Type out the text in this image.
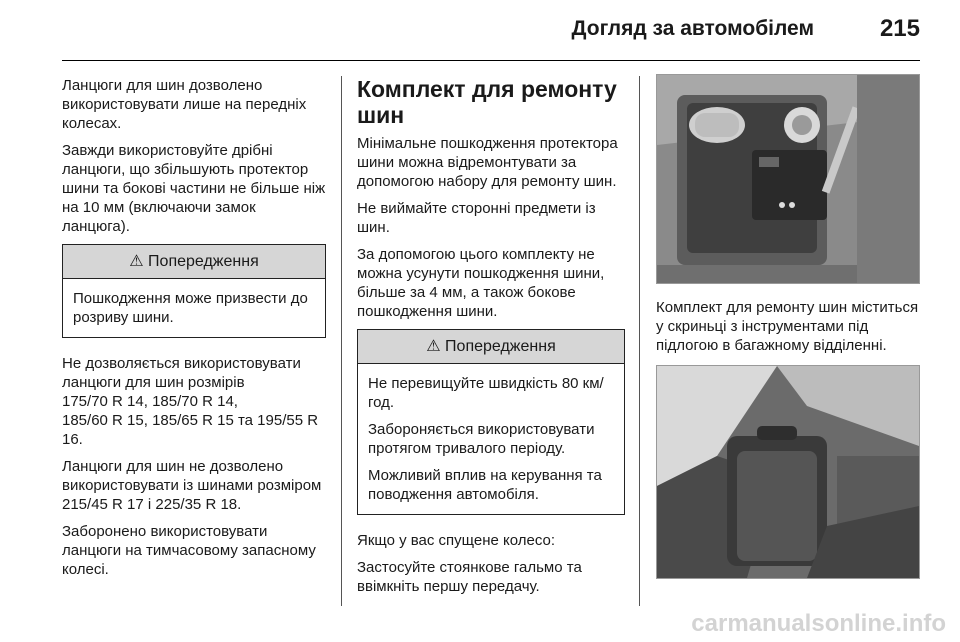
Догляд за автомобілем	215

Ланцюги для шин дозволено використовувати лише на передніх колесах.

Завжди використовуйте дрібні ланцюги, що збільшують протектор шини та бокові частини не більше ніж на 10 мм (включаючи замок ланцюга).

⚠ Попередження

Пошкодження може призвести до розриву шини.

Не дозволяється використовувати ланцюги для шин розмірів
175/70 R 14, 185/70 R 14,
185/60 R 15, 185/65 R 15 та 195/55 R 16.

Ланцюги для шин не дозволено використовувати із шинами розміром 215/45 R 17 і 225/35 R 18.

Заборонено використовувати ланцюги на тимчасовому запасному колесі.

Комплект для ремонту шин

Мінімальне пошкодження протектора шини можна відремонтувати за допомогою набору для ремонту шин.

Не виймайте сторонні предмети із шин.

За допомогою цього комплекту не можна усунути пошкодження шини, більше за 4 мм, а також бокове пошкодження шини.

⚠ Попередження

Не перевищуйте швидкість 80 км/год.

Забороняється використовувати протягом тривалого періоду.

Можливий вплив на керування та поводження автомобіля.

Якщо у вас спущене колесо:

Застосуйте стоянкове гальмо та ввімкніть першу передачу.

Комплект для ремонту шин міститься у скриньці з інструментами під підлогою в багажному відділенні.

carmanualsonline.info
